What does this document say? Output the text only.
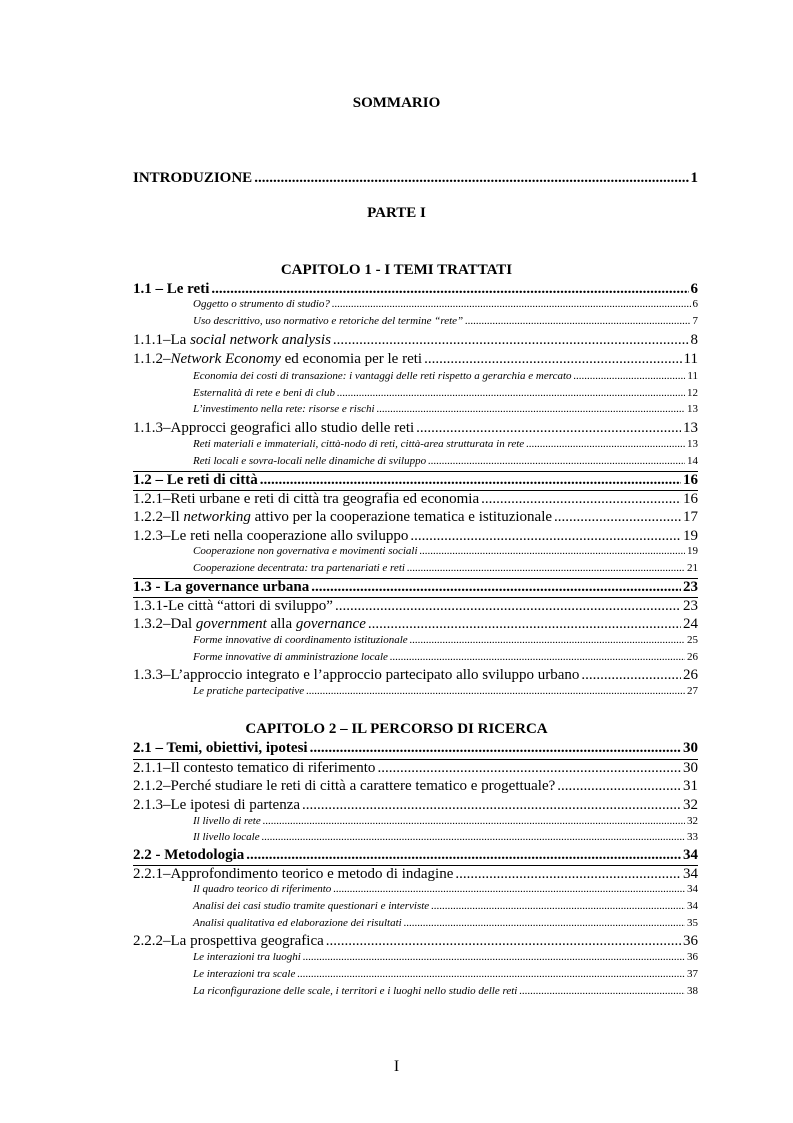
SOMMARIO
INTRODUZIONE .....	1
PARTE I
CAPITOLO 1 - I TEMI TRATTATI
1.1 – Le reti .....	6
Oggetto o strumento di studio? .....	6
Uso descrittivo, uso normativo e retoriche del termine “rete” .....	7
1.1.1–La social network analysis .....	8
1.1.2–Network Economy ed economia per le reti .....	11
Economia dei costi di transazione: i vantaggi delle reti rispetto a gerarchia e mercato .....	11
Esternalità di rete e beni di club .....	12
L’investimento nella rete: risorse e rischi .....	13
1.1.3–Approcci geografici allo studio delle reti .....	13
Reti materiali e immateriali, città-nodo di reti, città-area strutturata in rete .....	13
Reti locali e sovra-locali nelle dinamiche di sviluppo .....	14
1.2 – Le reti di città .....	16
1.2.1–Reti urbane e reti di città tra geografia ed economia .....	16
1.2.2–Il networking attivo per la cooperazione tematica e istituzionale .....	17
1.2.3–Le reti nella cooperazione allo sviluppo .....	19
Cooperazione non governativa e movimenti sociali .....	19
Cooperazione decentrata: tra partenariati e reti .....	21
1.3 - La governance urbana .....	23
1.3.1-Le città “attori di sviluppo” .....	23
1.3.2–Dal government alla governance .....	24
Forme innovative di coordinamento istituzionale .....	25
Forme innovative di amministrazione locale .....	26
1.3.3–L’approccio integrato e l’approccio partecipato allo sviluppo urbano .....	26
Le pratiche partecipative .....	27
CAPITOLO 2 – IL PERCORSO DI RICERCA
2.1 – Temi, obiettivi, ipotesi .....	30
2.1.1–Il contesto tematico di riferimento .....	30
2.1.2–Perché studiare le reti di città a carattere tematico e progettuale? .....	31
2.1.3–Le ipotesi di partenza .....	32
Il livello di rete .....	32
Il livello locale .....	33
2.2 - Metodologia .....	34
2.2.1–Approfondimento teorico e metodo di indagine .....	34
Il quadro teorico di riferimento .....	34
Analisi dei casi studio tramite questionari e interviste .....	34
Analisi qualitativa ed elaborazione dei risultati .....	35
2.2.2–La prospettiva geografica .....	36
Le interazioni tra luoghi .....	36
Le interazioni tra scale .....	37
La riconfigurazione delle scale, i territori e i luoghi nello studio delle reti .....	38
I
